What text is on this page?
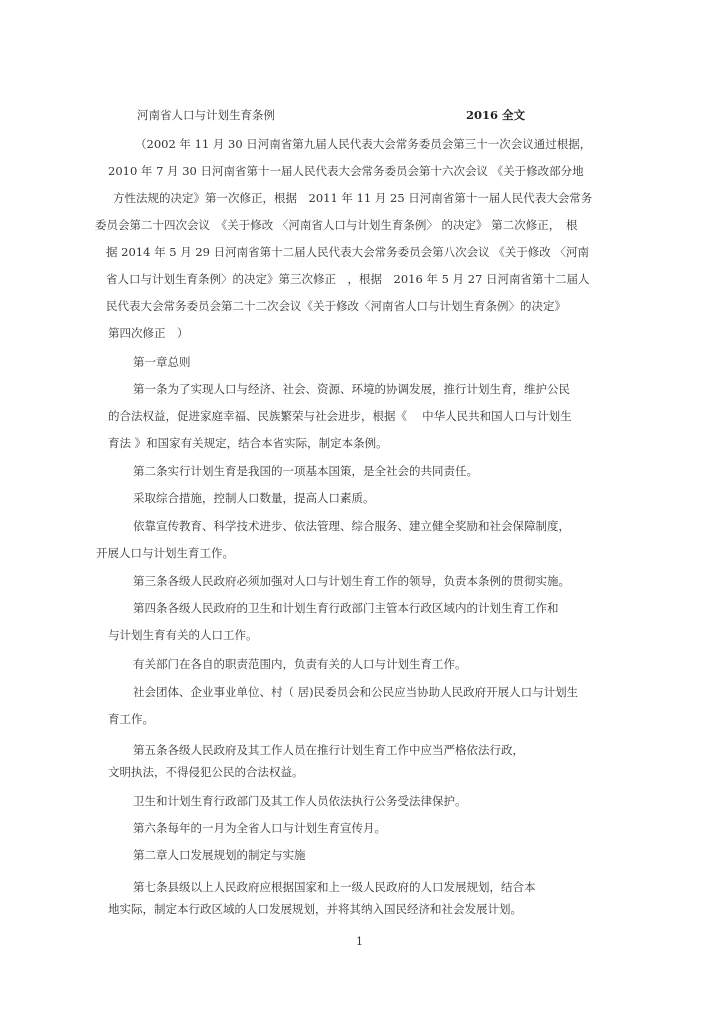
河南省人口与计划生育条例	2016 全文
（2002 年 11 月 30 日河南省第九届人民代表大会常务委员会第三十一次会议通过根据，
2010 年 7 月 30 日河南省第十一届人民代表大会常务委员会第十六次会议 《关于修改部分地
方性法规的决定》第一次修正，根据　2011 年 11 月 25 日河南省第十一届人民代表大会常务
委员会第二十四次会议　《关于修改 〈河南省人口与计划生育条例〉 的决定》 第二次修正，　根
据 2014 年 5 月 29 日河南省第十二届人民代表大会常务委员会第八次会议 《关于修改 〈河南
省人口与计划生育条例〉的决定》第三次修正　，根据　2016 年 5 月 27 日河南省第十二届人
民代表大会常务委员会第二十二次会议《关于修改〈河南省人口与计划生育条例〉的决定》
第四次修正　）
第一章总则
第一条为了实现人口与经济、社会、资源、环境的协调发展，推行计划生育，维护公民
的合法权益，促进家庭幸福、民族繁荣与社会进步，根据《　 中华人民共和国人口与计划生
育法 》和国家有关规定，结合本省实际，制定本条例。
第二条实行计划生育是我国的一项基本国策，是全社会的共同责任。
采取综合措施，控制人口数量，提高人口素质。
依靠宣传教育、科学技术进步、依法管理、综合服务、建立健全奖励和社会保障制度，
开展人口与计划生育工作。
第三条各级人民政府必须加强对人口与计划生育工作的领导，负责本条例的贯彻实施。
第四条各级人民政府的卫生和计划生育行政部门主管本行政区域内的计划生育工作和
与计划生育有关的人口工作。
有关部门在各自的职责范围内，负责有关的人口与计划生育工作。
社会团体、企业事业单位、村（ 居)民委员会和公民应当协助人民政府开展人口与计划生
育工作。
第五条各级人民政府及其工作人员在推行计划生育工作中应当严格依法行政，
文明执法，不得侵犯公民的合法权益。
卫生和计划生育行政部门及其工作人员依法执行公务受法律保护。
第六条每年的一月为全省人口与计划生育宣传月。
第二章人口发展规划的制定与实施
第七条县级以上人民政府应根据国家和上一级人民政府的人口发展规划，结合本
地实际，制定本行政区域的人口发展规划，并将其纳入国民经济和社会发展计划。
1
